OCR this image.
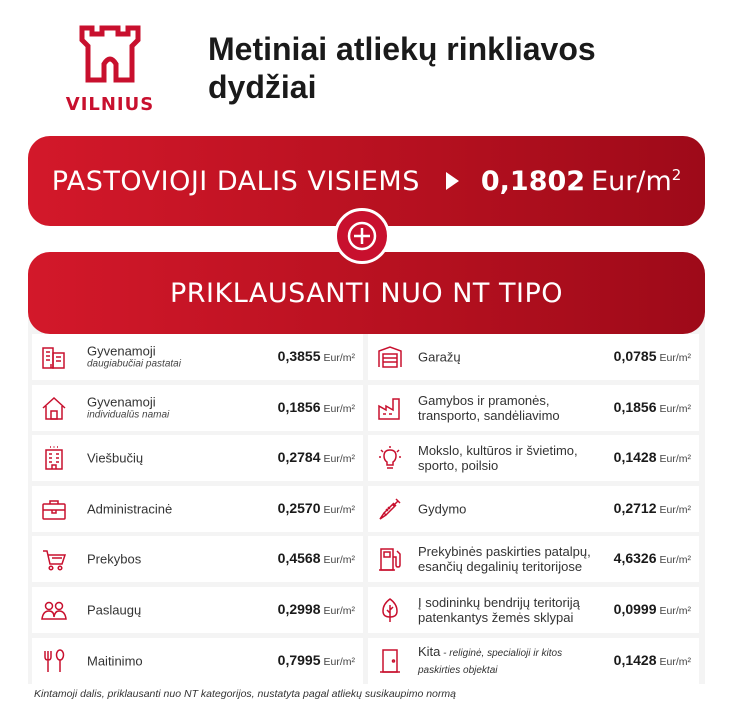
VILNIUS
Metiniai atliekų rinkliavos
dydžiai
PASTOVIOJI DALIS VISIEMS 0,1802 Eur/$m^2$
PRIKLAUSANTI NUO NT TIPO
Gyvenamoji
daugiabučiai pastatai	0,3855 Eur/m²
Gyvenamoji
individualūs namai	0,1856 Eur/m²
Viešbučių	0,2784 Eur/m²
Administracinė	0,2570 Eur/m²
Prekybos	0,4568 Eur/m²
Paslaugų	0,2998 Eur/m²
Maitinimo	0,7995 Eur/m²
Garažų	0,0785 Eur/m²
Gamybos ir pramonės,
transporto, sandėliavimo
0,1856 Eur/m²
Mokslo, kultūros ir švietimo,
sporto, poilsio
0,1428 Eur/m²
Gydymo	0,2712 Eur/m²
Prekybinės paskirties patalpų,
esančių degalinių teritorijose
4,6326 Eur/m²
Į sodininkų bendrijų teritoriją
patenkantys žemės sklypai
0,0999 Eur/m²
Kita - religinė, specialioji ir kitos
paskirties objektai
0,1428 Eur/m²
Kintamoji dalis, priklausanti nuo NT kategorijos, nustatyta pagal atliekų susikaupimo normą
